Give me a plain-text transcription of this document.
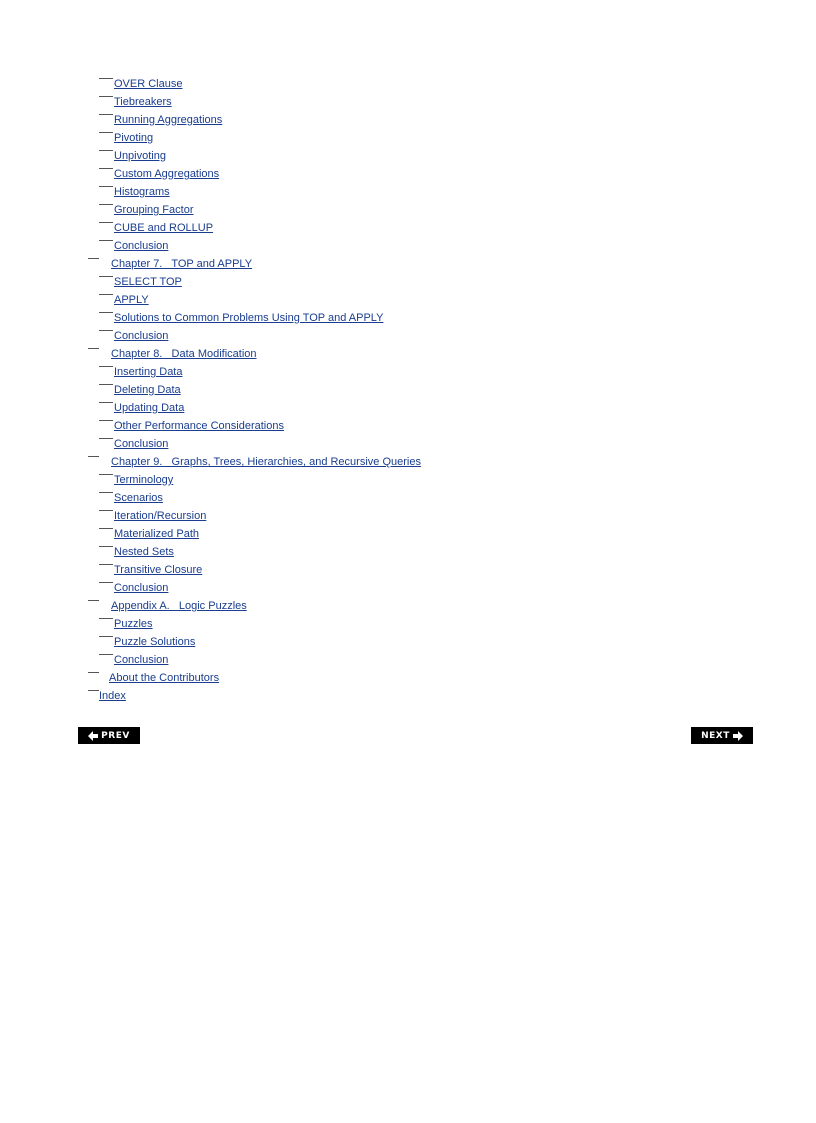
OVER Clause
Tiebreakers
Running Aggregations
Pivoting
Unpivoting
Custom Aggregations
Histograms
Grouping Factor
CUBE and ROLLUP
Conclusion
Chapter 7.   TOP and APPLY
SELECT TOP
APPLY
Solutions to Common Problems Using TOP and APPLY
Conclusion
Chapter 8.   Data Modification
Inserting Data
Deleting Data
Updating Data
Other Performance Considerations
Conclusion
Chapter 9.   Graphs, Trees, Hierarchies, and Recursive Queries
Terminology
Scenarios
Iteration/Recursion
Materialized Path
Nested Sets
Transitive Closure
Conclusion
Appendix A.   Logic Puzzles
Puzzles
Puzzle Solutions
Conclusion
About the Contributors
Index
PREV	NEXT
